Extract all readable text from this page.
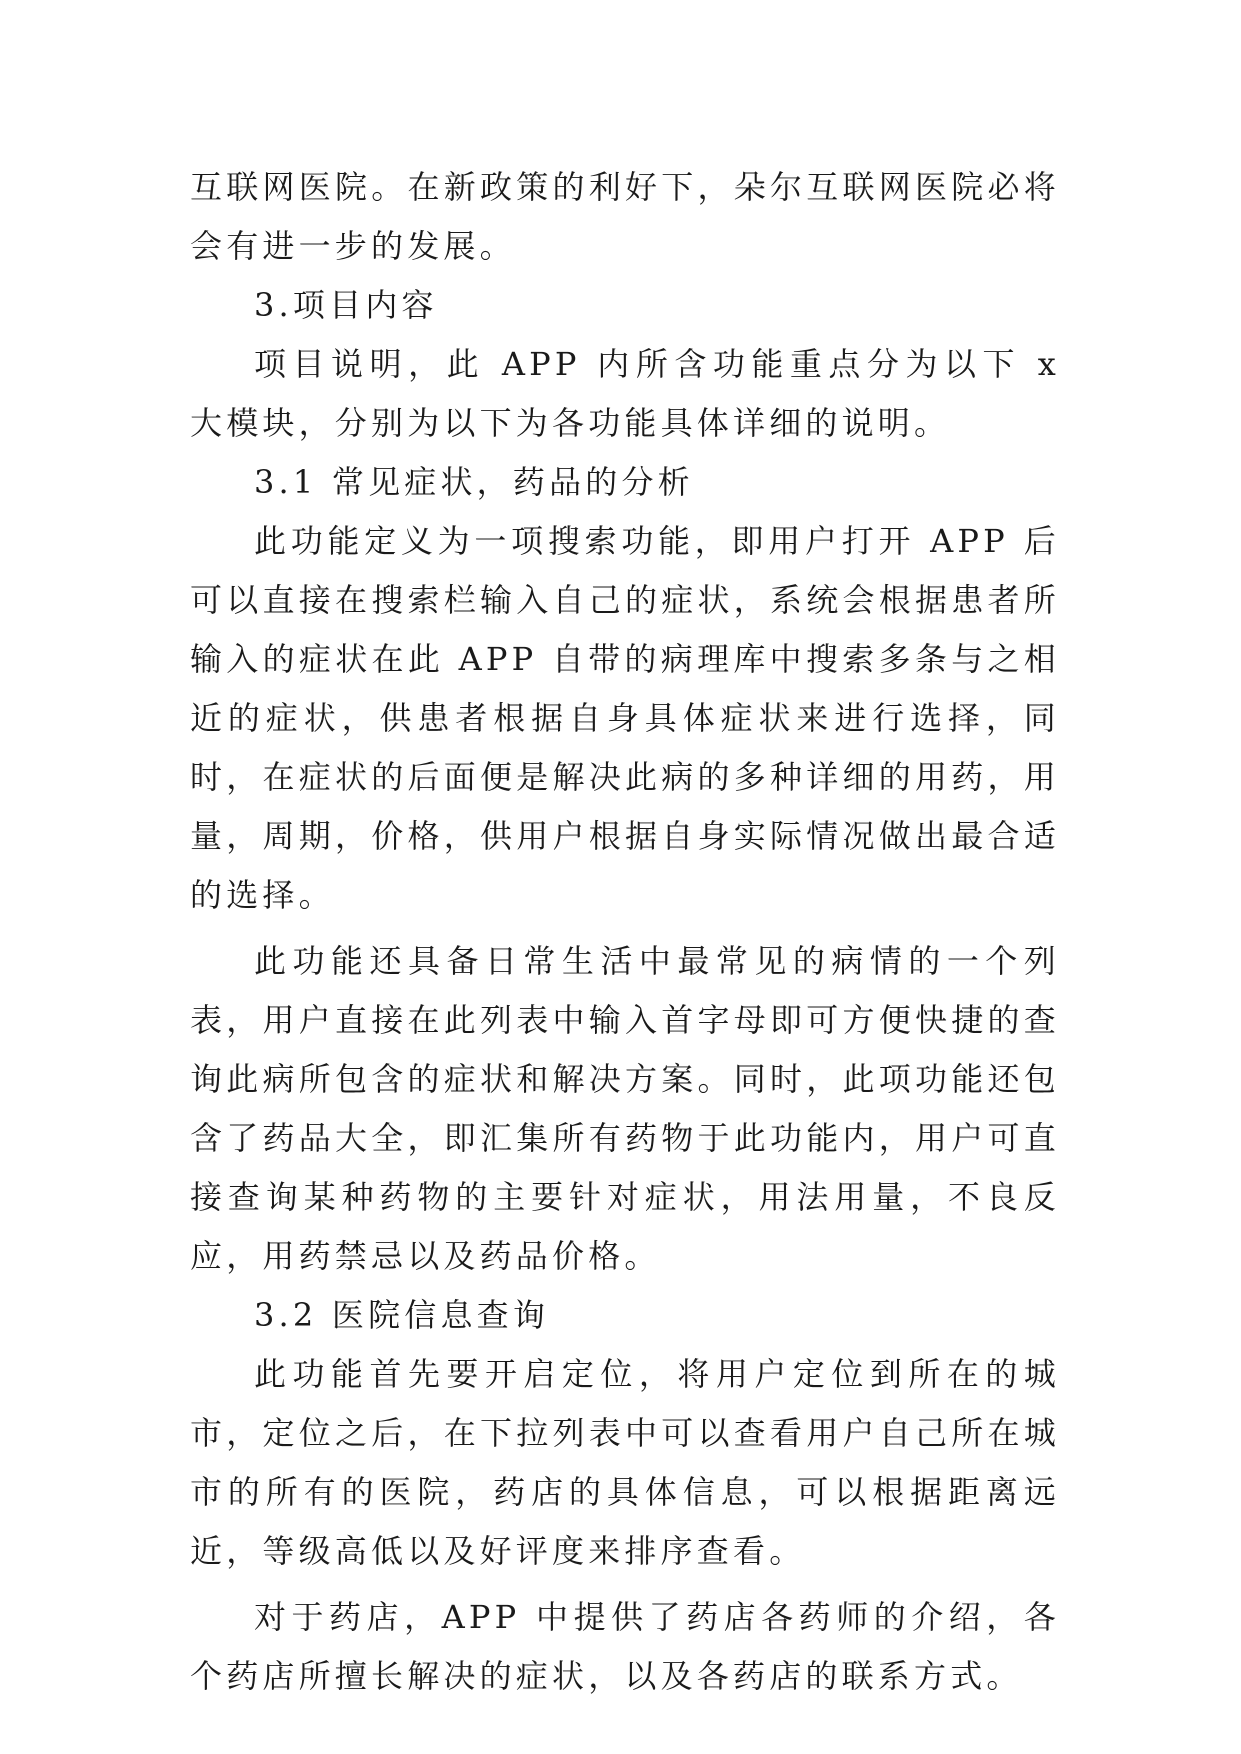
互联网医院。在新政策的利好下，朵尔互联网医院必将会有进一步的发展。

3.项目内容

项目说明，此 APP 内所含功能重点分为以下 x 大模块，分别为以下为各功能具体详细的说明。

3.1 常见症状，药品的分析

此功能定义为一项搜索功能，即用户打开 APP 后可以直接在搜索栏输入自己的症状，系统会根据患者所输入的症状在此 APP 自带的病理库中搜索多条与之相近的症状，供患者根据自身具体症状来进行选择，同时，在症状的后面便是解决此病的多种详细的用药，用量，周期，价格，供用户根据自身实际情况做出最合适的选择。

此功能还具备日常生活中最常见的病情的一个列表，用户直接在此列表中输入首字母即可方便快捷的查询此病所包含的症状和解决方案。同时，此项功能还包含了药品大全，即汇集所有药物于此功能内，用户可直接查询某种药物的主要针对症状，用法用量，不良反应，用药禁忌以及药品价格。

3.2 医院信息查询

此功能首先要开启定位，将用户定位到所在的城市，定位之后，在下拉列表中可以查看用户自己所在城市的所有的医院，药店的具体信息，可以根据距离远近，等级高低以及好评度来排序查看。

对于药店，APP 中提供了药店各药师的介绍，各个药店所擅长解决的症状，以及各药店的联系方式。
